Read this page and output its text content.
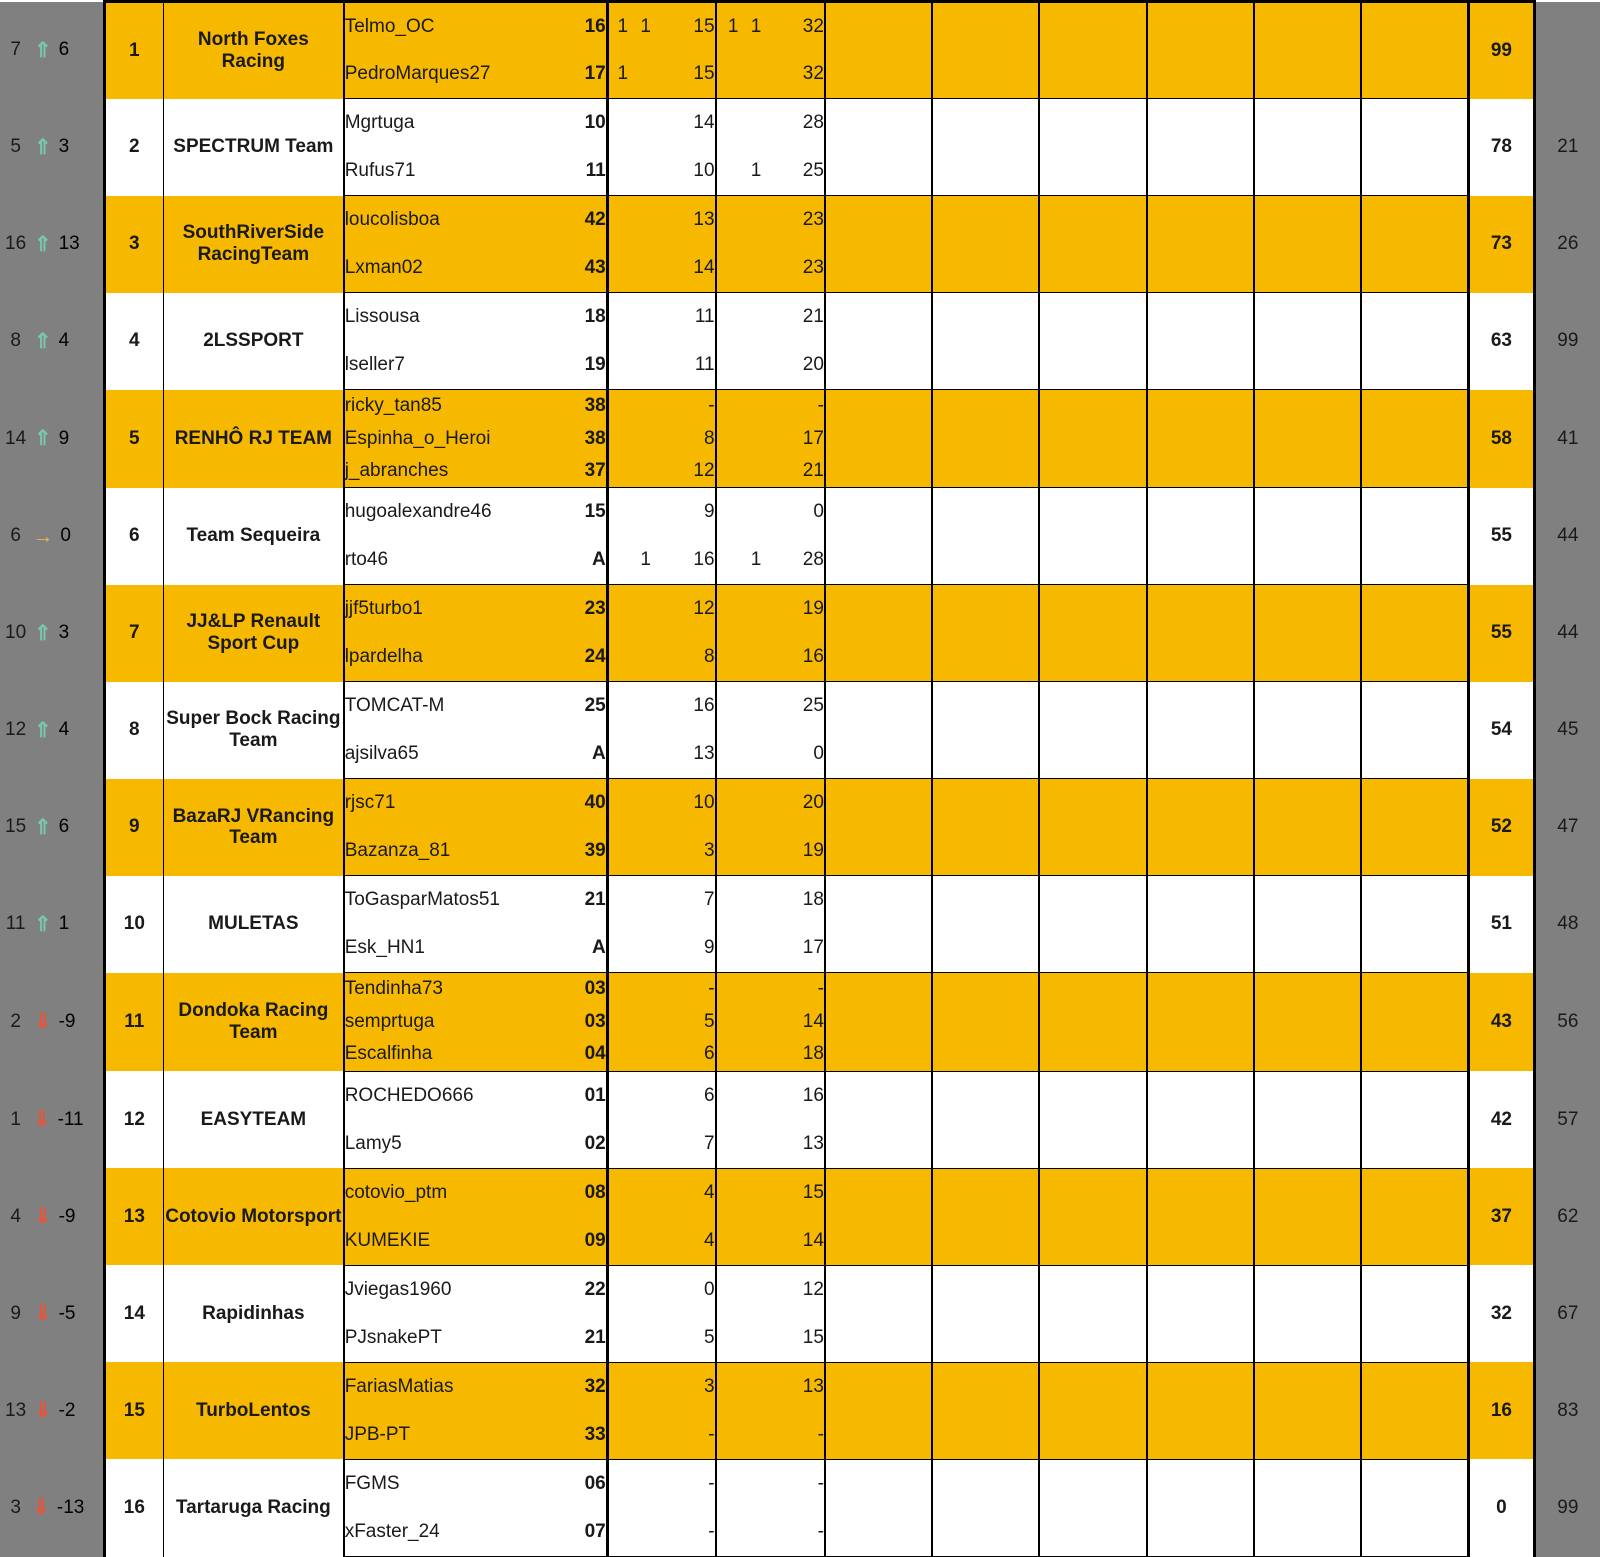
7	⇑ 6		1	North Foxes Racing	Telmo_OC	16	1	1	15	1	1	32							99	
					PedroMarques27	17	1		15			32								
5	⇑ 3		2	SPECTRUM Team	Mgrtuga	10			14			28							78	21
					Rufus71	11			10		1	25								
16	⇑ 13		3	SouthRiverSide RacingTeam	loucolisboa	42			13			23							73	26
					Lxman02	43			14			23								
8	⇑ 4		4	2LSSPORT	Lissousa	18			11			21							63	99
					lseller7	19			11			20								
14	⇑ 9		5	RENHÔ RJ TEAM	ricky_tan85	38			-			-							58	41
					Espinha_o_Heroi	38			8			17								
					j_abranches	37			12			21								
6	→ 0		6	Team Sequeira	hugoalexandre46	15			9			0							55	44
					rto46	A		1	16		1	28								
10	⇑ 3		7	JJ&LP Renault Sport Cup	jjf5turbo1	23			12			19							55	44
					lpardelha	24			8			16								
12	⇑ 4		8	Super Bock Racing Team	TOMCAT-M	25			16			25							54	45
					ajsilva65	A			13			0								
15	⇑ 6		9	BazaRJ VRancing Team	rjsc71	40			10			20							52	47
					Bazanza_81	39			3			19								
11	⇑ 1		10	MULETAS	ToGasparMatos51	21			7			18							51	48
					Esk_HN1	A			9			17								
2	⇓ -9		11	Dondoka Racing Team	Tendinha73	03			-			-							43	56
					semprtuga	03			5			14								
					Escalfinha	04			6			18								
1	⇓ -11		12	EASYTEAM	ROCHEDO666	01			6			16							42	57
					Lamy5	02			7			13								
4	⇓ -9		13	Cotovio Motorsport	cotovio_ptm	08			4			15							37	62
					KUMEKIE	09			4			14								
9	⇓ -5		14	Rapidinhas	Jviegas1960	22			0			12							32	67
					PJsnakePT	21			5			15								
13	⇓ -2		15	TurboLentos	FariasMatias	32			3			13							16	83
					JPB-PT	33			-			-								
3	⇓ -13		16	Tartaruga Racing	FGMS	06			-			-							0	99
					xFaster_24	07			-			-								
